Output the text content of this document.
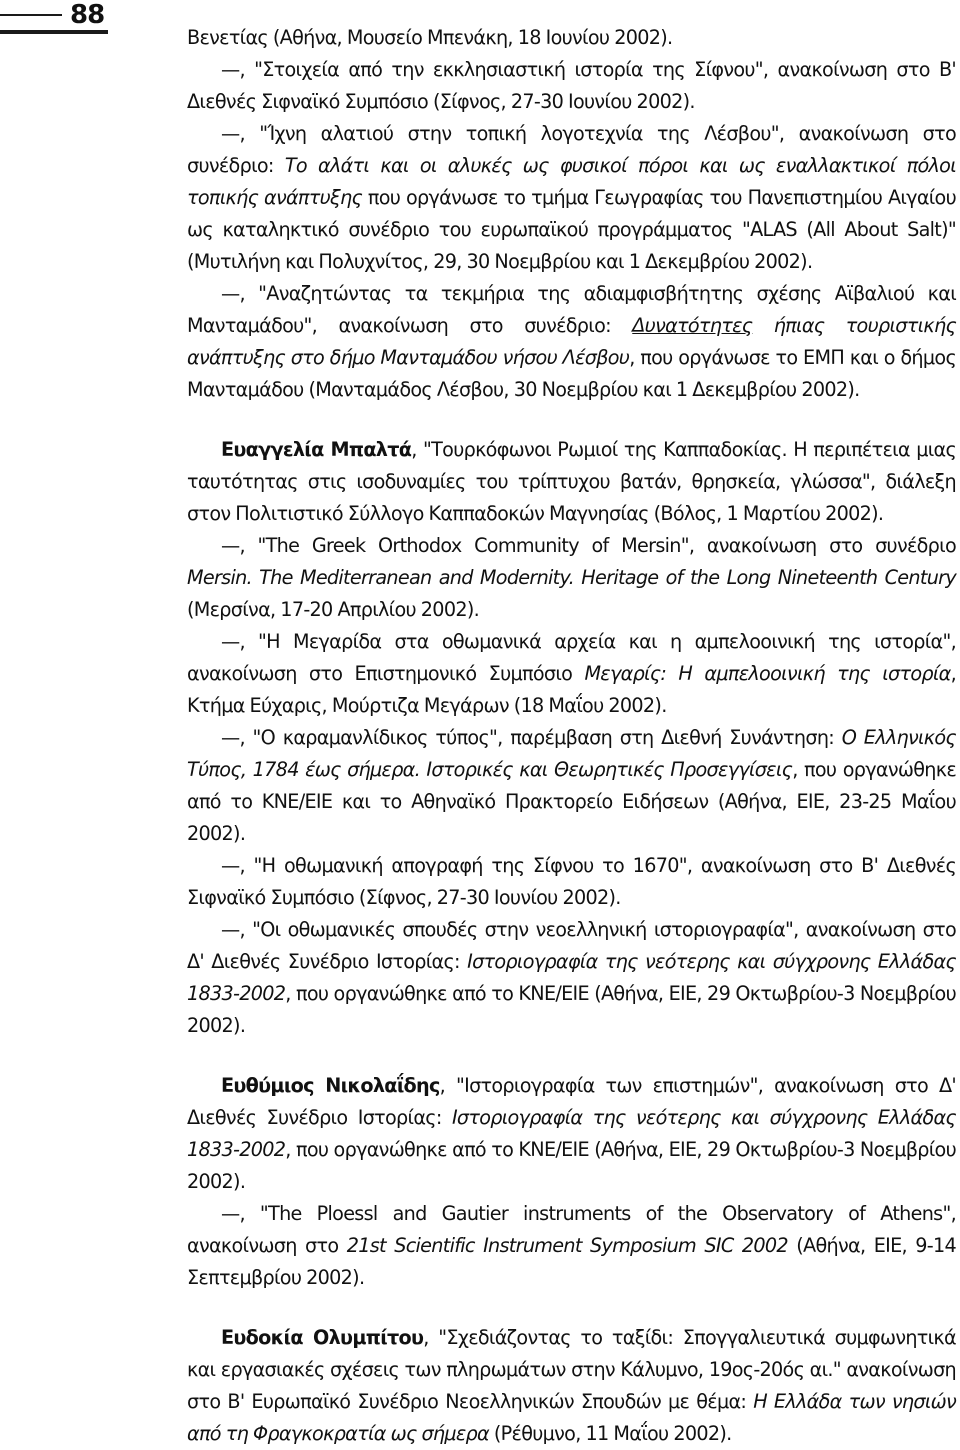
88

Βενετίας (Αθήνα, Μουσείο Μπενάκη, 18 Ιουνίου 2002).

—, "Στοιχεία από την εκκλησιαστική ιστορία της Σίφνου", ανακοίνωση στο Β' Διεθνές Σιφναϊκό Συμπόσιο (Σίφνος, 27-30 Ιουνίου 2002).

—, "Ίχνη αλατιού στην τοπική λογοτεχνία της Λέσβου", ανακοίνωση στο συνέδριο: Το αλάτι και οι αλυκές ως φυσικοί πόροι και ως εναλλακτικοί πόλοι τοπικής ανάπτυξης που οργάνωσε το τμήμα Γεωγραφίας του Πανεπιστημίου Αιγαίου ως καταληκτικό συνέδριο του ευρωπαϊκού προγράμματος "ALAS (All About Salt)" (Μυτιλήνη και Πολυχνίτος, 29, 30 Νοεμβρίου και 1 Δεκεμβρίου 2002).

—, "Αναζητώντας τα τεκμήρια της αδιαμφισβήτητης σχέσης Αϊβαλιού και Μανταμάδου", ανακοίνωση στο συνέδριο: Δυνατότητες ήπιας τουριστικής ανάπτυξης στο δήμο Μανταμάδου νήσου Λέσβου, που οργάνωσε το ΕΜΠ και ο δήμος Μανταμάδου (Μανταμάδος Λέσβου, 30 Νοεμβρίου και 1 Δεκεμβρίου 2002).

Ευαγγελία Μπαλτά, "Τουρκόφωνοι Ρωμιοί της Καππαδοκίας. Η περιπέτεια μιας ταυτότητας στις ισοδυναμίες του τρίπτυχου βατάν, θρησκεία, γλώσσα", διάλεξη στον Πολιτιστικό Σύλλογο Καππαδοκών Μαγνησίας (Βόλος, 1 Μαρτίου 2002).

—, "The Greek Orthodox Community of Mersin", ανακοίνωση στο συνέδριο Mersin. The Mediterranean and Modernity. Heritage of the Long Nineteenth Century (Μερσίνα, 17-20 Απριλίου 2002).

—, "Η Μεγαρίδα στα οθωμανικά αρχεία και η αμπελοοινική της ιστορία", ανακοίνωση στο Επιστημονικό Συμπόσιο Μεγαρίς: Η αμπελοοινική της ιστορία, Κτήμα Εύχαρις, Μούρτιζα Μεγάρων (18 Μαΐου 2002).

—, "Ο καραμανλίδικος τύπος", παρέμβαση στη Διεθνή Συνάντηση: Ο Ελληνικός Τύπος, 1784 έως σήμερα. Ιστορικές και Θεωρητικές Προσεγγίσεις, που οργανώθηκε από το ΚΝΕ/ΕΙΕ και το Αθηναϊκό Πρακτορείο Ειδήσεων (Αθήνα, ΕΙΕ, 23-25 Μαΐου 2002).

—, "Η οθωμανική απογραφή της Σίφνου το 1670", ανακοίνωση στο Β' Διεθνές Σιφναϊκό Συμπόσιο (Σίφνος, 27-30 Ιουνίου 2002).

—, "Οι οθωμανικές σπουδές στην νεοελληνική ιστοριογραφία", ανακοίνωση στο Δ' Διεθνές Συνέδριο Ιστορίας: Ιστοριογραφία της νεότερης και σύγχρονης Ελλάδας 1833-2002, που οργανώθηκε από το ΚΝΕ/ΕΙΕ (Αθήνα, ΕΙΕ, 29 Οκτωβρίου-3 Νοεμβρίου 2002).

Ευθύμιος Νικολαΐδης, "Ιστοριογραφία των επιστημών", ανακοίνωση στο Δ' Διεθνές Συνέδριο Ιστορίας: Ιστοριογραφία της νεότερης και σύγχρονης Ελλάδας 1833-2002, που οργανώθηκε από το ΚΝΕ/ΕΙΕ (Αθήνα, ΕΙΕ, 29 Οκτωβρίου-3 Νοεμβρίου 2002).

—, "The Ploessl and Gautier instruments of the Observatory of Athens", ανακοίνωση στο 21st Scientific Instrument Symposium SIC 2002 (Αθήνα, ΕΙΕ, 9-14 Σεπτεμβρίου 2002).

Ευδοκία Ολυμπίτου, "Σχεδιάζοντας το ταξίδι: Σπογγαλιευτικά συμφωνητικά και εργασιακές σχέσεις των πληρωμάτων στην Κάλυμνο, 19ος-20ός αι." ανακοίνωση στο Β' Ευρωπαϊκό Συνέδριο Νεοελληνικών Σπουδών με θέμα: Η Ελλάδα των νησιών από τη Φραγκοκρατία ως σήμερα (Ρέθυμνο, 11 Μαΐου 2002).
